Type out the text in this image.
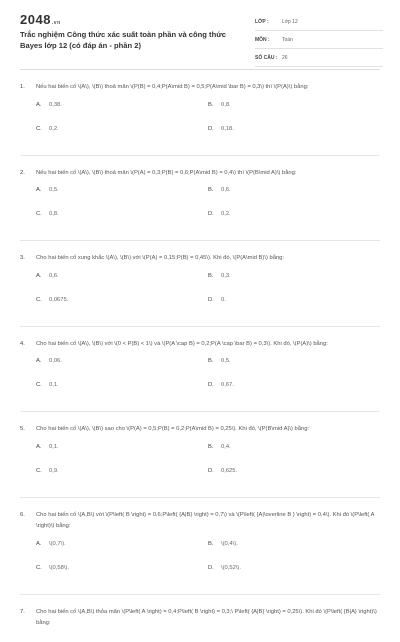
2048.vn
Trắc nghiệm Công thức xác suất toàn phần và công thức Bayes lớp 12 (có đáp án - phần 2)
LỚP :	Lớp 12
MÔN :	Toán
SỐ CÂU : 26
1.	Nếu hai biến cố \(A\), \(B\) thoả mãn \(P(B) = 0,4;P(A\mid B) = 0,5;P(A\mid \bar B) = 0,3\) thì \(P(A)\) bằng:
A.	0,38.	B.	0,8.
C.	0,2.	D.	0,18.
2.	Nếu hai biến cố \(A\), \(B\) thoả mãn \(P(A) = 0,3;P(B) = 0,6;P(A\mid B) = 0,4\) thì \(P(B\mid A)\) bằng:
A.	0,5.	B.	0,6.
C.	0,8.	D.	0,2.
3.	Cho hai biến cố xung khắc \(A\), \(B\) với \(P(A) = 0,15;P(B) = 0,45\). Khi đó, \(P(A\mid B)\) bằng:
A.	0,6.	B.	0,3.
C.	0,0675.	D.	0.
4.	Cho hai biến cố \(A\), \(B\) với \(0 < P(B) < 1\) và \(P(A \cap B) = 0,2;P(A \cap \bar B) = 0,3\). Khi đó, \(P(A)\) bằng:
A.	0,06.	B.	0,5.
C.	0,1.	D.	0,67.
5.	Cho hai biến cố \(A\), \(B\) sao cho \(P(A) = 0,5;P(B) = 0,2;P(A\mid B) = 0,25\). Khi đó, \(P(B\mid A)\) bằng:
A.	0,1.	B.	0,4.
C.	0,9.	D.	0,625.
6.	Cho hai biến cố \(A,B\) với \(P\left( B \right) = 0,6;P\left( {A|B} \right) = 0,7\) và \(P\left( {A|\overline B } \right) = 0,4\). Khi đó \(P\left( A \right)\) bằng:
A.	\(0,7\).	B.	\(0,4\).
C.	\(0,58\).	D.	\(0,52\).
7.	Cho hai biến cố \(A,B\) thỏa mãn \(P\left( A \right) = 0,4;P\left( B \right) = 0,3;\ P\left( {A|B} \right) = 0,25\). Khi đó \(P\left( {B|A} \right)\) bằng:
